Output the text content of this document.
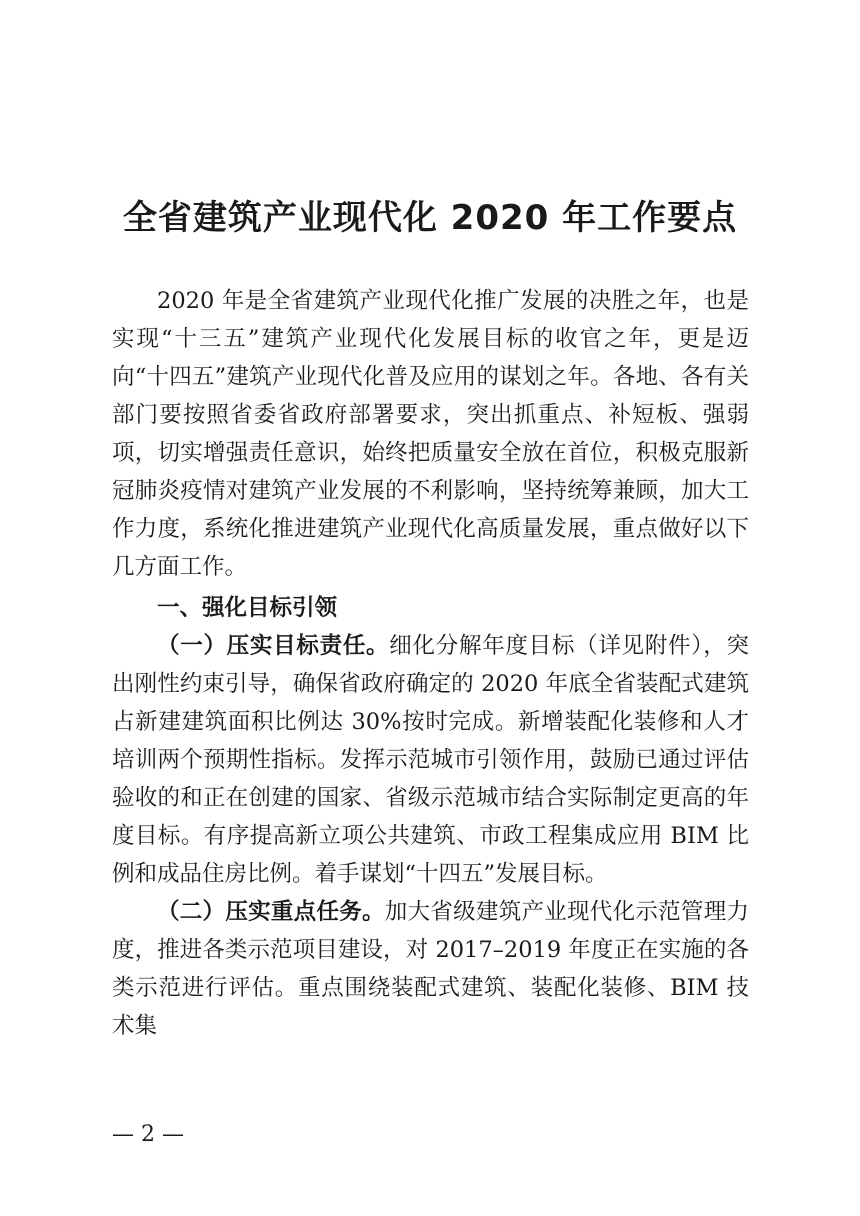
全省建筑产业现代化 2020 年工作要点

2020 年是全省建筑产业现代化推广发展的决胜之年，也是实现“十三五”建筑产业现代化发展目标的收官之年，更是迈向“十四五”建筑产业现代化普及应用的谋划之年。各地、各有关部门要按照省委省政府部署要求，突出抓重点、补短板、强弱项，切实增强责任意识，始终把质量安全放在首位，积极克服新冠肺炎疫情对建筑产业发展的不利影响，坚持统筹兼顾，加大工作力度，系统化推进建筑产业现代化高质量发展，重点做好以下几方面工作。

一、强化目标引领

（一）压实目标责任。细化分解年度目标（详见附件），突出刚性约束引导，确保省政府确定的 2020 年底全省装配式建筑占新建建筑面积比例达 30%按时完成。新增装配化装修和人才培训两个预期性指标。发挥示范城市引领作用，鼓励已通过评估验收的和正在创建的国家、省级示范城市结合实际制定更高的年度目标。有序提高新立项公共建筑、市政工程集成应用 BIM 比例和成品住房比例。着手谋划“十四五”发展目标。

（二）压实重点任务。加大省级建筑产业现代化示范管理力度，推进各类示范项目建设，对 2017–2019 年度正在实施的各类示范进行评估。重点围绕装配式建筑、装配化装修、BIM 技术集

— 2 —
